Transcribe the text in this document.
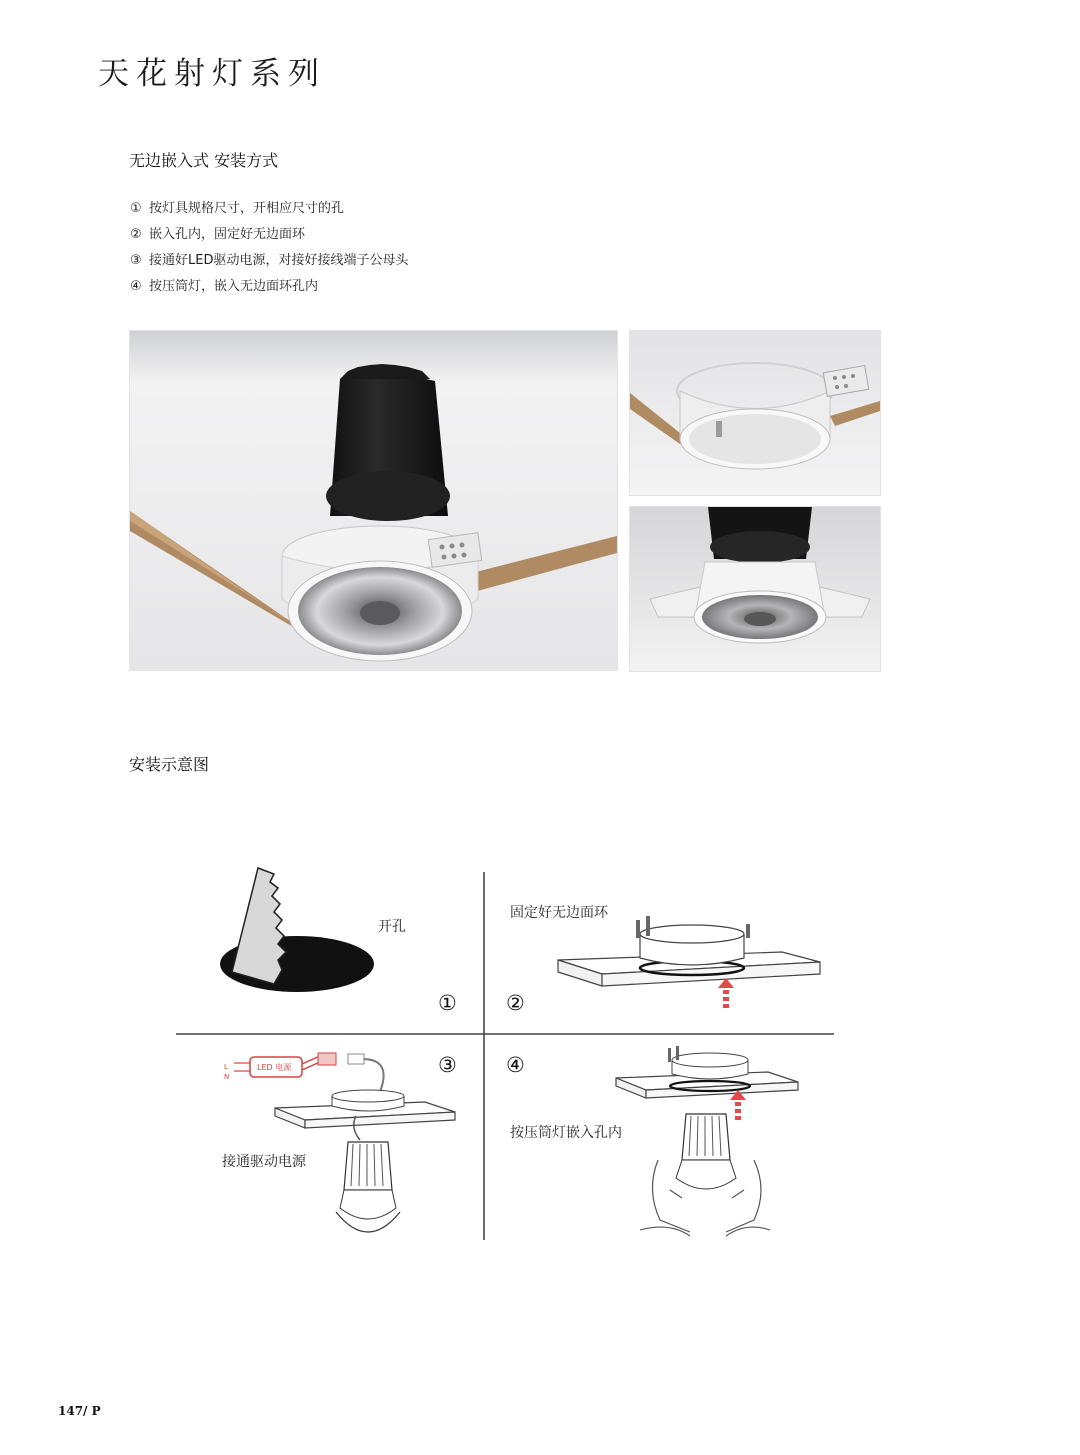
天花射灯系列
无边嵌入式 安装方式
① 按灯具规格尺寸，开相应尺寸的孔
② 嵌入孔内，固定好无边面环
③ 接通好LED驱动电源，对接好接线端子公母头
④ 按压筒灯，嵌入无边面环孔内
安装示意图
开孔
①
固定好无边面环
②
③
接通驱动电源
LED 电源
L
N	④
按压筒灯嵌入孔内
147/ P
